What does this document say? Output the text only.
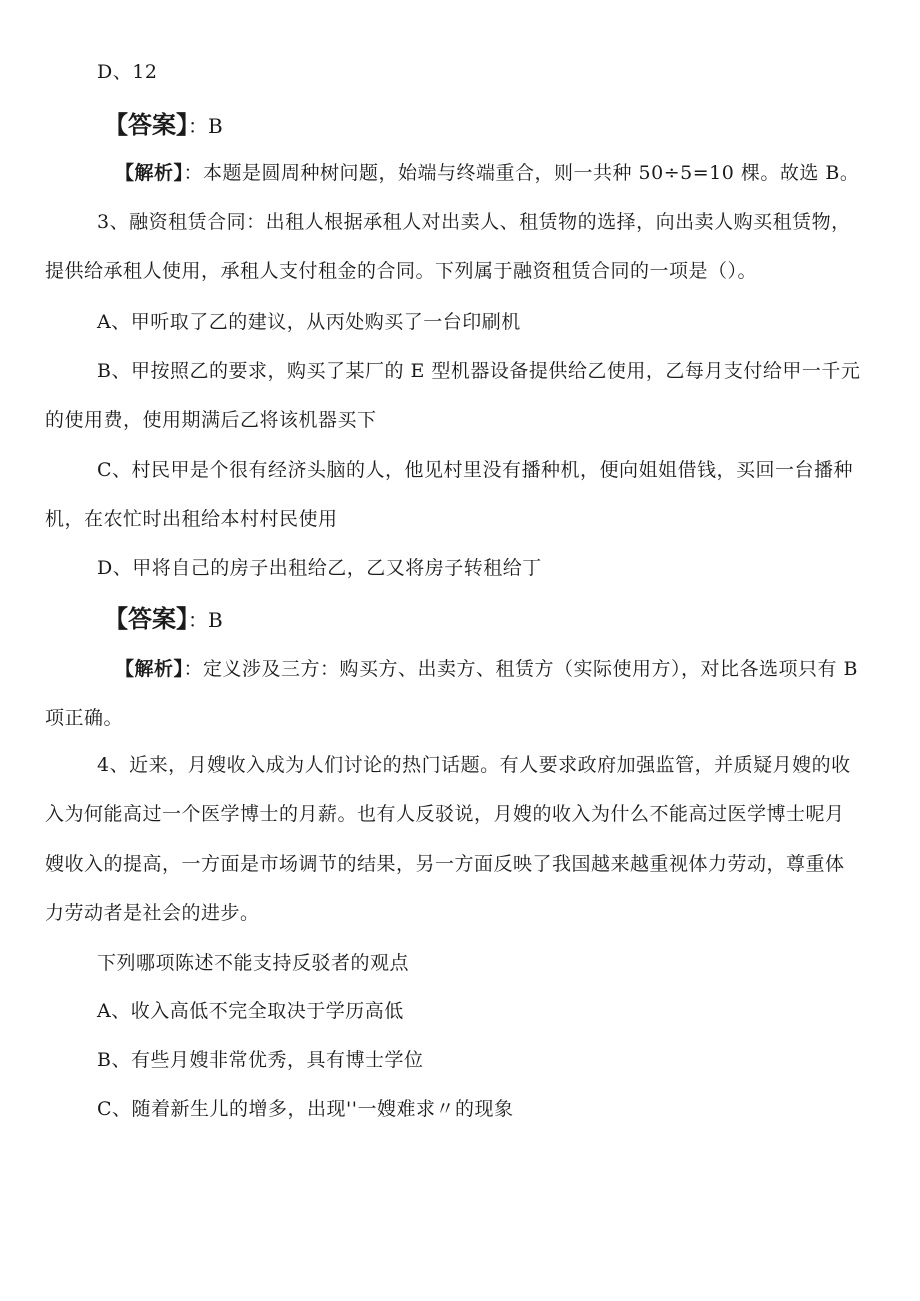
D、12
【答案】：B
【解析】：本题是圆周种树问题，始端与终端重合，则一共种 50÷5=10 棵。故选 B。
3、融资租赁合同：出租人根据承租人对出卖人、租赁物的选择，向出卖人购买租赁物，
提供给承租人使用，承租人支付租金的合同。下列属于融资租赁合同的一项是（）。
A、甲听取了乙的建议，从丙处购买了一台印刷机
B、甲按照乙的要求，购买了某厂的 E 型机器设备提供给乙使用，乙每月支付给甲一千元
的使用费，使用期满后乙将该机器买下
C、村民甲是个很有经济头脑的人，他见村里没有播种机，便向姐姐借钱，买回一台播种
机，在农忙时出租给本村村民使用
D、甲将自己的房子出租给乙，乙又将房子转租给丁
【答案】：B
【解析】：定义涉及三方：购买方、出卖方、租赁方（实际使用方），对比各选项只有 B
项正确。
4、近来，月嫂收入成为人们讨论的热门话题。有人要求政府加强监管，并质疑月嫂的收
入为何能高过一个医学博士的月薪。也有人反驳说，月嫂的收入为什么不能高过医学博士呢月
嫂收入的提高，一方面是市场调节的结果，另一方面反映了我国越来越重视体力劳动，尊重体
力劳动者是社会的进步。
下列哪项陈述不能支持反驳者的观点
A、收入高低不完全取决于学历高低
B、有些月嫂非常优秀，具有博士学位
C、随着新生儿的增多，出现''一嫂难求〃的现象
